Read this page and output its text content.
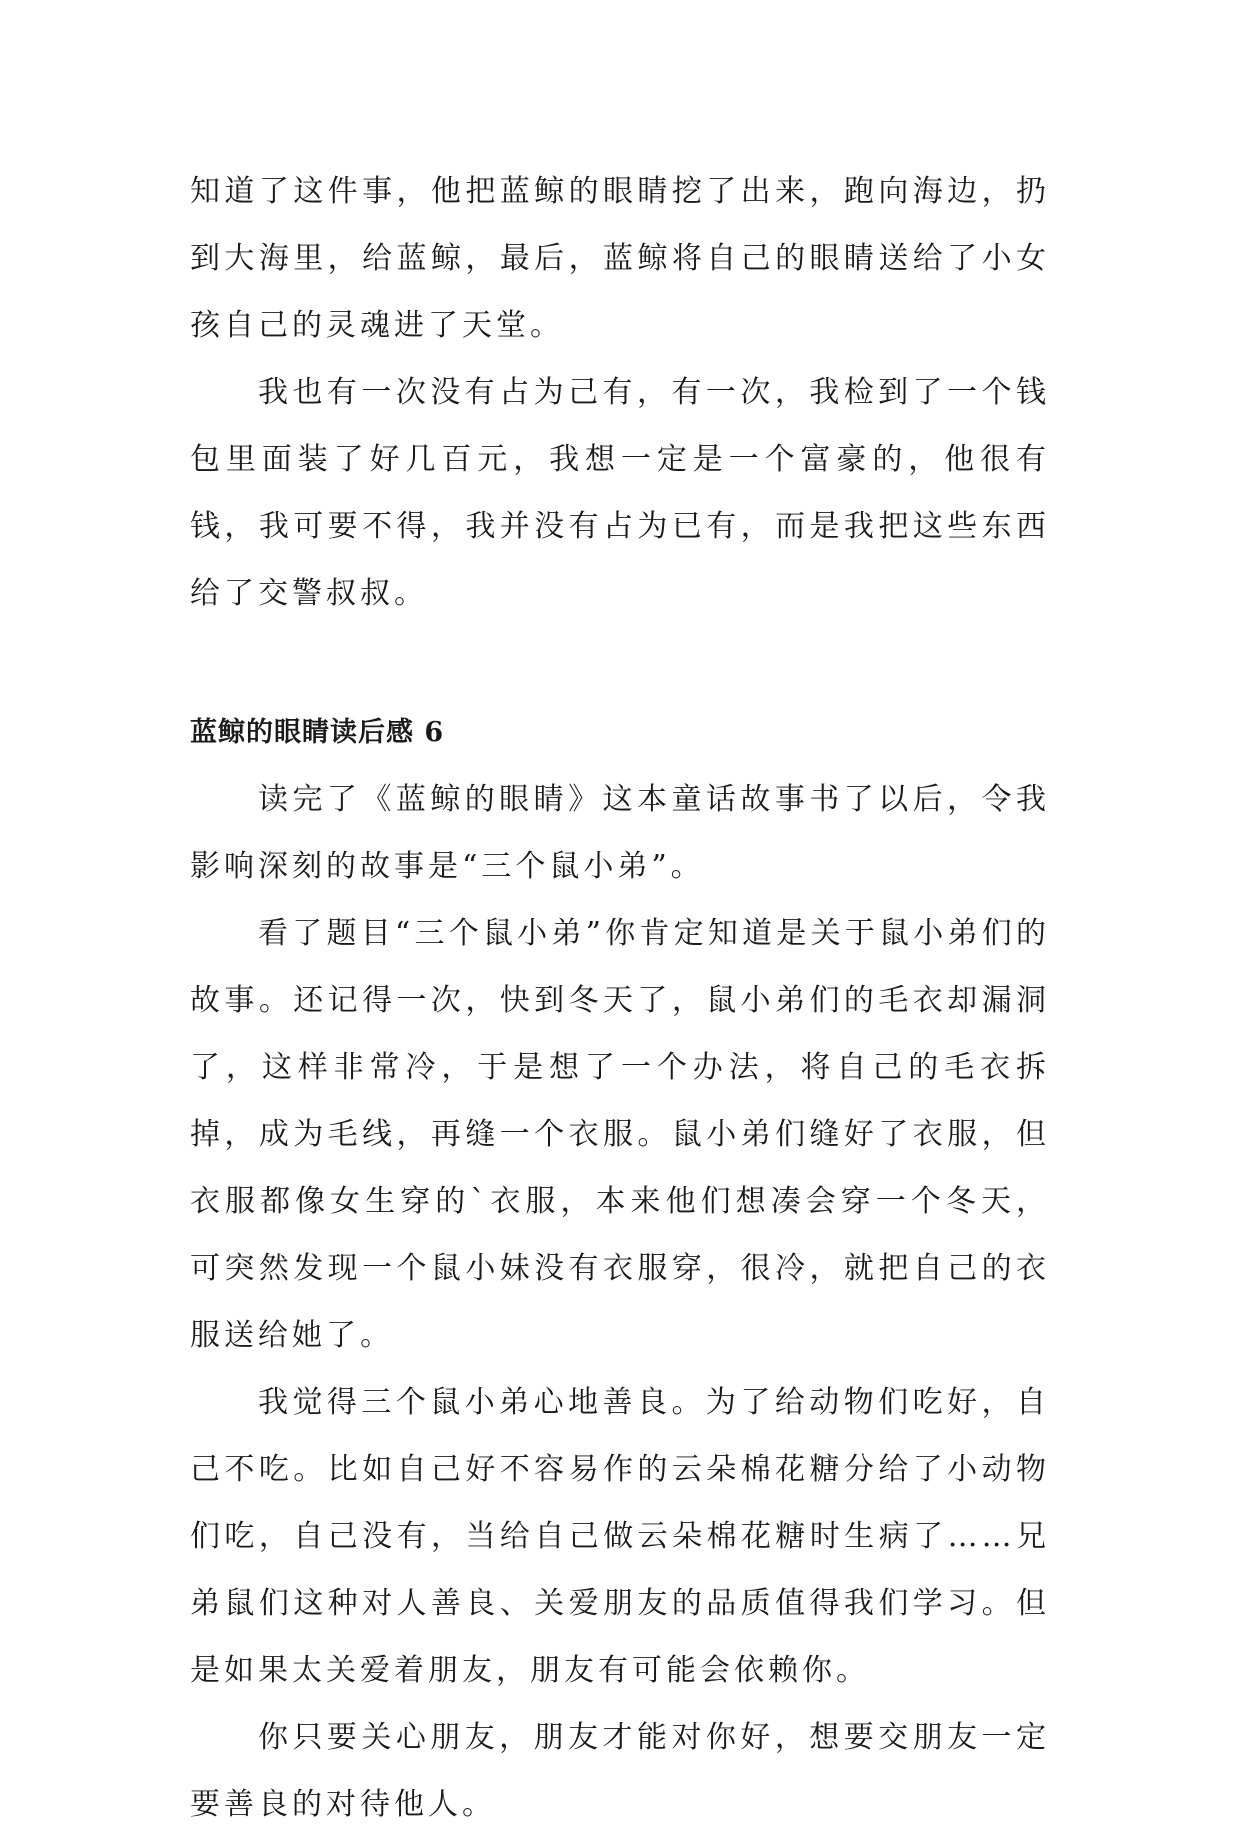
知道了这件事，他把蓝鲸的眼睛挖了出来，跑向海边，扔到大海里，给蓝鲸，最后，蓝鲸将自己的眼睛送给了小女孩自己的灵魂进了天堂。

我也有一次没有占为己有，有一次，我检到了一个钱包里面装了好几百元，我想一定是一个富豪的，他很有钱，我可要不得，我并没有占为已有，而是我把这些东西给了交警叔叔。

蓝鲸的眼睛读后感 6

读完了《蓝鲸的眼睛》这本童话故事书了以后，令我影响深刻的故事是“三个鼠小弟”。

看了题目“三个鼠小弟”你肯定知道是关于鼠小弟们的故事。还记得一次，快到冬天了，鼠小弟们的毛衣却漏洞了，这样非常冷，于是想了一个办法，将自己的毛衣拆掉，成为毛线，再缝一个衣服。鼠小弟们缝好了衣服，但衣服都像女生穿的`衣服，本来他们想凑会穿一个冬天，可突然发现一个鼠小妹没有衣服穿，很冷，就把自己的衣服送给她了。

我觉得三个鼠小弟心地善良。为了给动物们吃好，自己不吃。比如自己好不容易作的云朵棉花糖分给了小动物们吃，自己没有，当给自己做云朵棉花糖时生病了……兄弟鼠们这种对人善良、关爱朋友的品质值得我们学习。但是如果太关爱着朋友，朋友有可能会依赖你。

你只要关心朋友，朋友才能对你好，想要交朋友一定要善良的对待他人。
